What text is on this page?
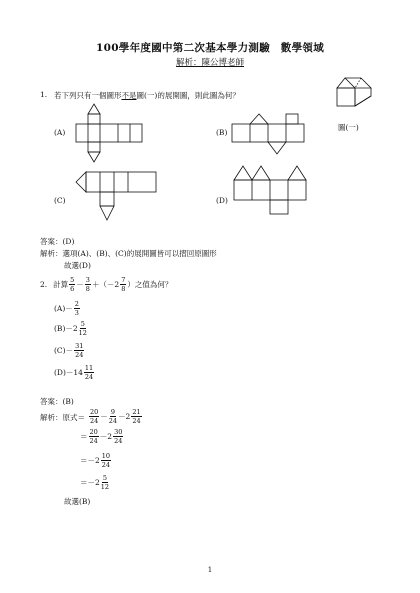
100學年度國中第二次基本學力測驗　數學領域
解析：陳公博老師
圖(一)
1. 若下列只有一個圖形不是圖(一)的展開圖，則此圖為何？
(A)	(B)
(C)	(D)
答案：(D)
解析：選項(A)、(B)、(C)的展開圖皆可以摺回原圖形
故選(D)
2. 計算 5
6 － 3
8 ＋（－2 7
8 ） 之值為何？
(A)－ 2
3
(B)－ 2 5
12
(C)－ 31
24
(D)－ 14 11
24
答案：(B)
解析：原式＝
20
24 － 9
24 －2 21
24
＝ 20
24 －2 30
24
＝－2 10
24
＝－2 5
12
故選(B)
1
